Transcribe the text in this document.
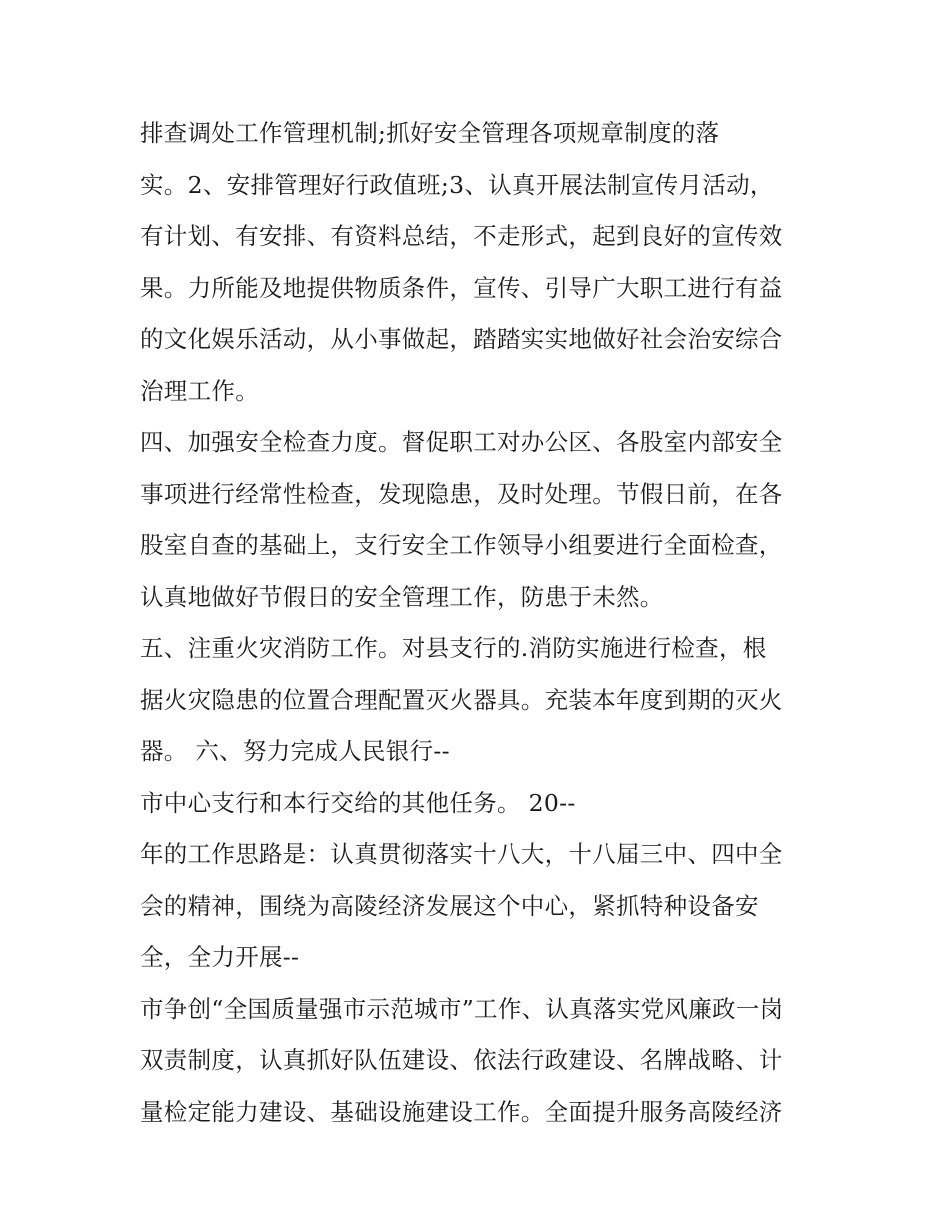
排查调处工作管理机制;抓好安全管理各项规章制度的落
实。2、安排管理好行政值班;3、认真开展法制宣传月活动，
有计划、有安排、有资料总结，不走形式，起到良好的宣传效
果。力所能及地提供物质条件，宣传、引导广大职工进行有益
的文化娱乐活动，从小事做起，踏踏实实地做好社会治安综合
治理工作。
四、加强安全检查力度。督促职工对办公区、各股室内部安全
事项进行经常性检查，发现隐患，及时处理。节假日前，在各
股室自查的基础上，支行安全工作领导小组要进行全面检查，
认真地做好节假日的安全管理工作，防患于未然。
五、注重火灾消防工作。对县支行的.消防实施进行检查，根
据火灾隐患的位置合理配置灭火器具。充装本年度到期的灭火
器。 六、努力完成人民银行--
市中心支行和本行交给的其他任务。 20--
年的工作思路是：认真贯彻落实十八大，十八届三中、四中全
会的精神，围绕为高陵经济发展这个中心，紧抓特种设备安
全，全力开展--
市争创“全国质量强市示范城市”工作、认真落实党风廉政一岗
双责制度，认真抓好队伍建设、依法行政建设、名牌战略、计
量检定能力建设、基础设施建设工作。全面提升服务高陵经济
